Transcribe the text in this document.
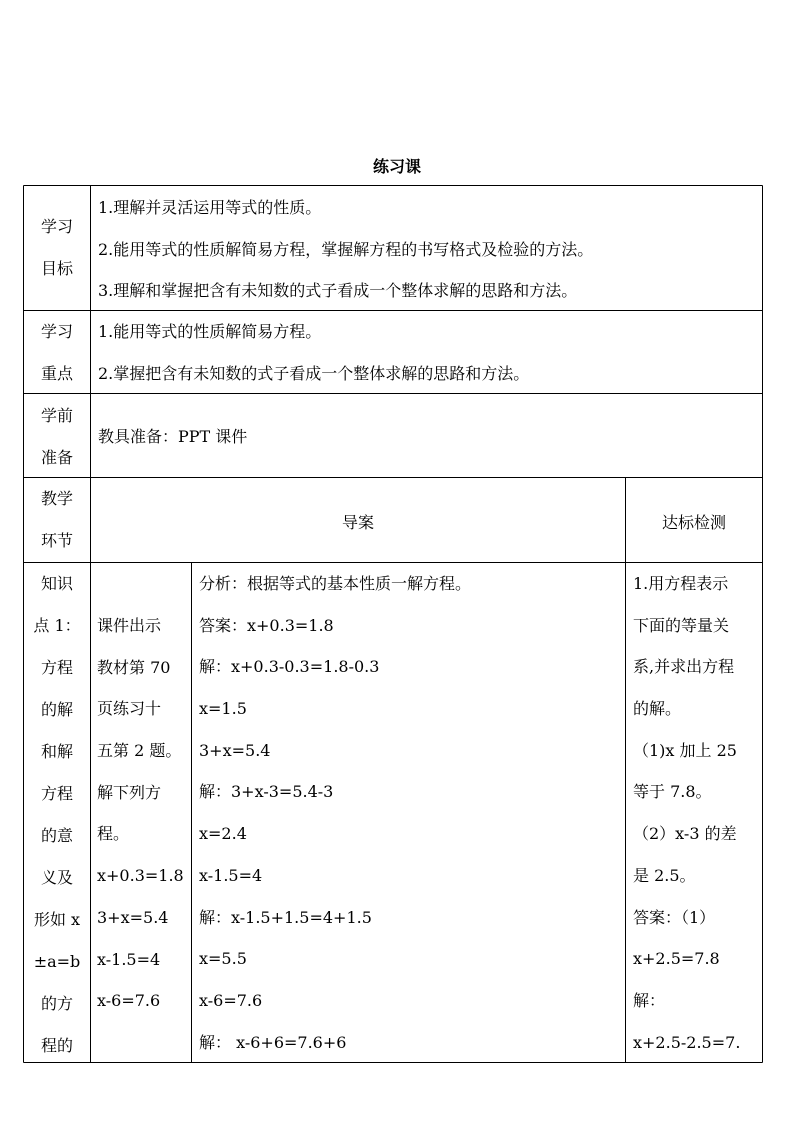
练习课
学习
目标
1.理解并灵活运用等式的性质。
2.能用等式的性质解简易方程，掌握解方程的书写格式及检验的方法。
3.理解和掌握把含有未知数的式子看成一个整体求解的思路和方法。
学习
重点
1.能用等式的性质解简易方程。
2.掌握把含有未知数的式子看成一个整体求解的思路和方法。
学前
准备
教具准备：PPT 课件
教学
环节
导案	达标检测
知识
点 1：
方程
的解
和解
方程
的意
义及
形如 x
±a=b
的方
程的
课件出示
教材第 70
页练习十
五第 2 题。
解下列方
程。
x+0.3=1.8
3+x=5.4
x-1.5=4
x-6=7.6
分析：根据等式的基本性质一解方程。
答案：x+0.3=1.8
解：x+0.3-0.3=1.8-0.3
x=1.5
3+x=5.4
解：3+x-3=5.4-3
x=2.4
x-1.5=4
解：x-1.5+1.5=4+1.5
x=5.5
x-6=7.6
解： x-6+6=7.6+6
1.用方程表示
下面的等量关
系,并求出方程
的解。
（1)x 加上 25
等于 7.8。
（2）x-3 的差
是 2.5。
答案：（1）
x+2.5=7.8
解：
x+2.5-2.5=7.
